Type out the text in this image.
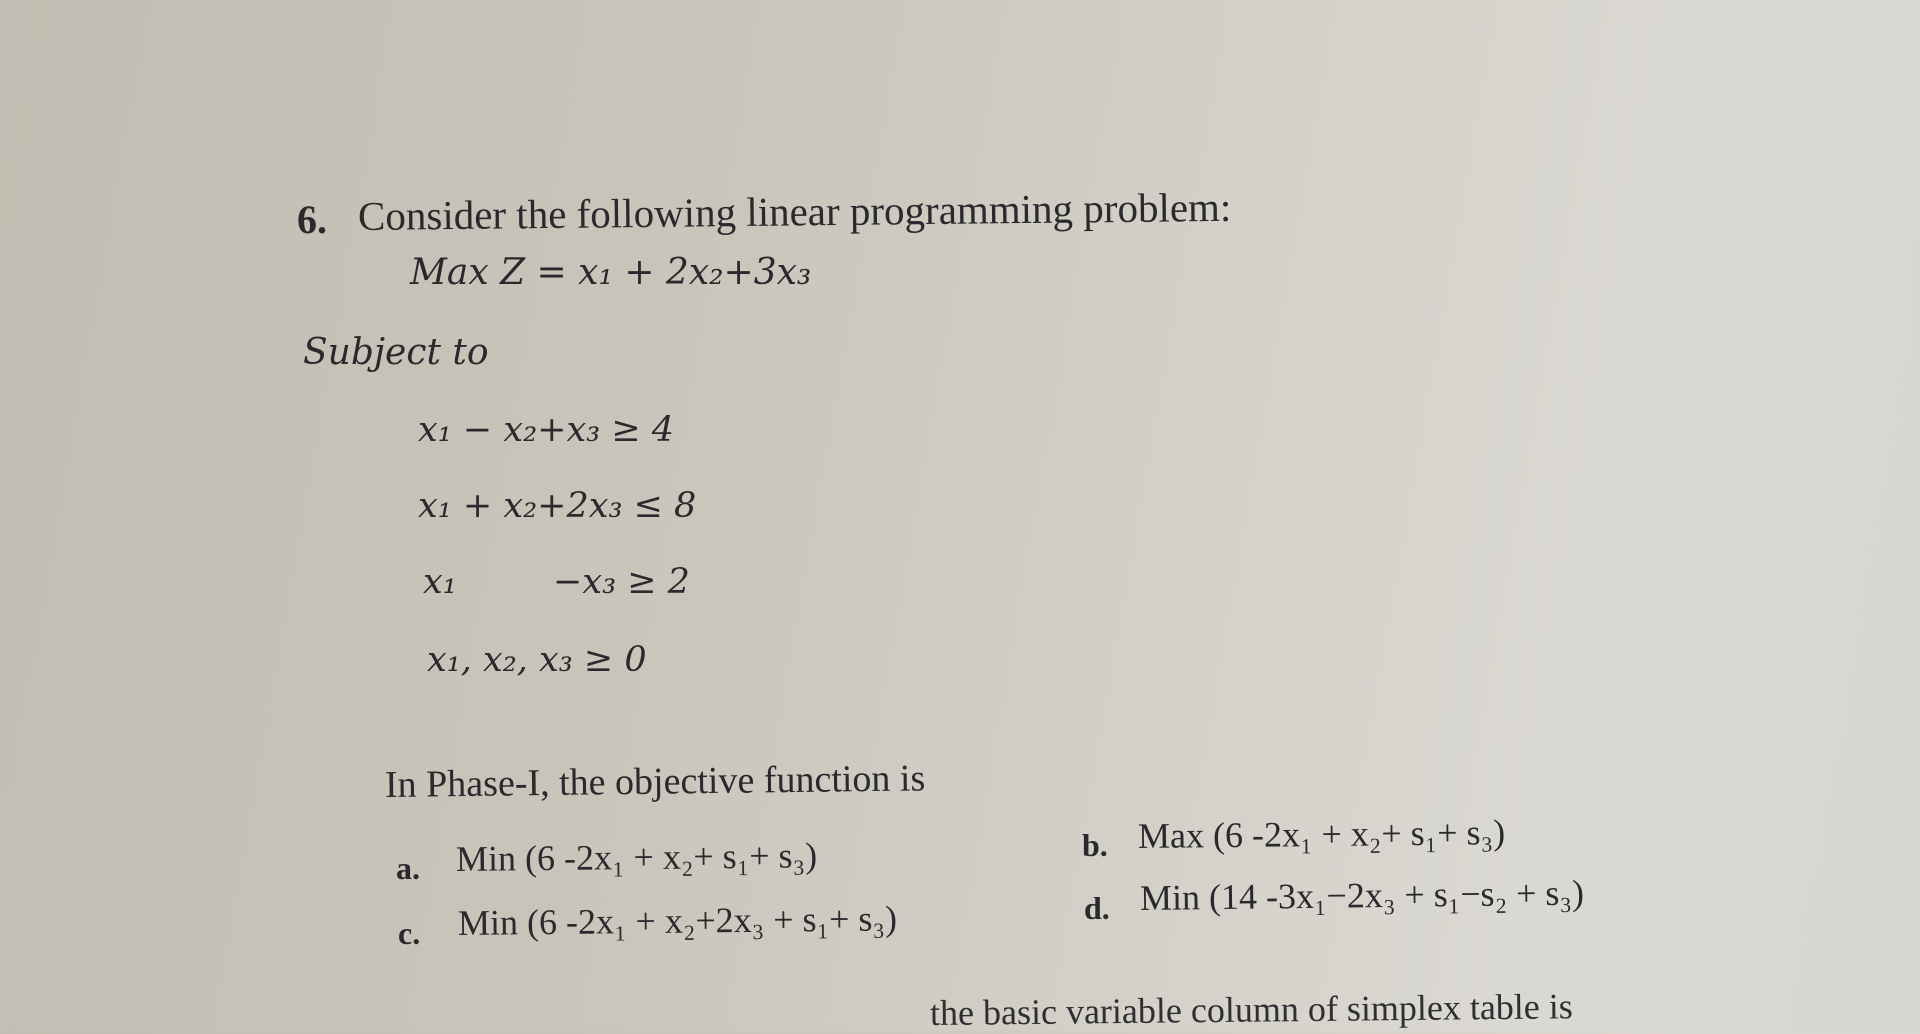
6. Consider the following linear programming problem:
Max Z = x₁ + 2x₂+3x₃
Subject to
x₁ − x₂+x₃ ≥ 4
x₁ + x₂+2x₃ ≤ 8
x₁	−x₃ ≥ 2
x₁, x₂, x₃ ≥ 0
In Phase-I, the objective function is
a. Min (6 -2x₁ + x₂+ s₁+ s₃)
c. Min (6 -2x₁ + x₂+2x₃ + s₁+ s₃)
b. Max (6 -2x₁ + x₂+ s₁+ s₃)
d. Min (14 -3x₁−2x₃ + s₁−s₂ + s₃)
the basic variable column of simplex table is
